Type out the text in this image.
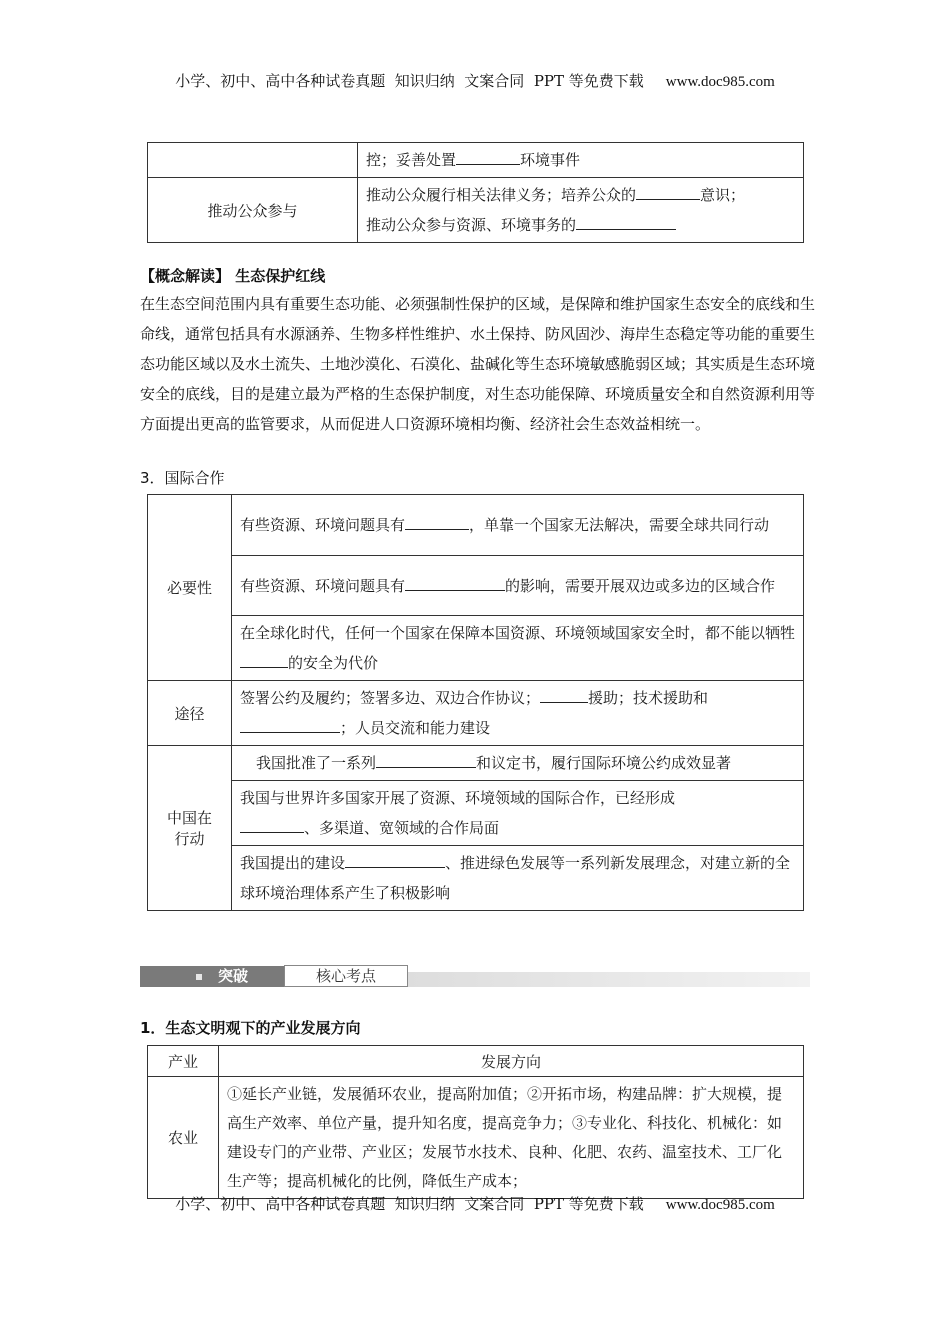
小学、初中、高中各种试卷真题  知识归纳  文案合同  PPT 等免费下载 www.doc985.com
	控；妥善处置 环境事件
推动公众参与	推动公众履行相关法律义务；培养公众的 意识；
推动公众参与资源、环境事务的
【概念解读】 生态保护红线
在生态空间范围内具有重要生态功能、必须强制性保护的区域，是保障和维护国家生态安全的底线和生命线，通常包括具有水源涵养、生物多样性维护、水土保持、防风固沙、海岸生态稳定等功能的重要生态功能区域以及水土流失、土地沙漠化、石漠化、盐碱化等生态环境敏感脆弱区域；其实质是生态环境安全的底线，目的是建立最为严格的生态保护制度，对生态功能保障、环境质量安全和自然资源利用等方面提出更高的监管要求，从而促进人口资源环境相均衡、经济社会生态效益相统一。
3．国际合作
必要性	有些资源、环境问题具有 ，单靠一个国家无法解决，需要全球共同行动
	有些资源、环境问题具有 的影响，需要开展双边或多边的区域合作
	在全球化时代，任何一个国家在保障本国资源、环境领域国家安全时，都不能以牺牲的安全为代价
途径	签署公约及履约；签署多边、双边合作协议； 援助；技术援助和
；人员交流和能力建设
中国在行动	我国批准了一系列 和议定书，履行国际环境公约成效显著
	我国与世界许多国家开展了资源、环境领域的国际合作，已经形成
、多渠道、宽领域的合作局面
	我国提出的建设 、推进绿色发展等一系列新发展理念，对建立新的全球环境治理体系产生了积极影响
突破	核心考点
1．生态文明观下的产业发展方向
产业	发展方向
农业	①延长产业链，发展循环农业，提高附加值；②开拓市场，构建品牌：扩大规模，提高生产效率、单位产量，提升知名度，提高竞争力；③专业化、科技化、机械化：如建设专门的产业带、产业区；发展节水技术、良种、化肥、农药、温室技术、工厂化生产等；提高机械化的比例，降低生产成本；
小学、初中、高中各种试卷真题  知识归纳  文案合同  PPT 等免费下载 www.doc985.com
